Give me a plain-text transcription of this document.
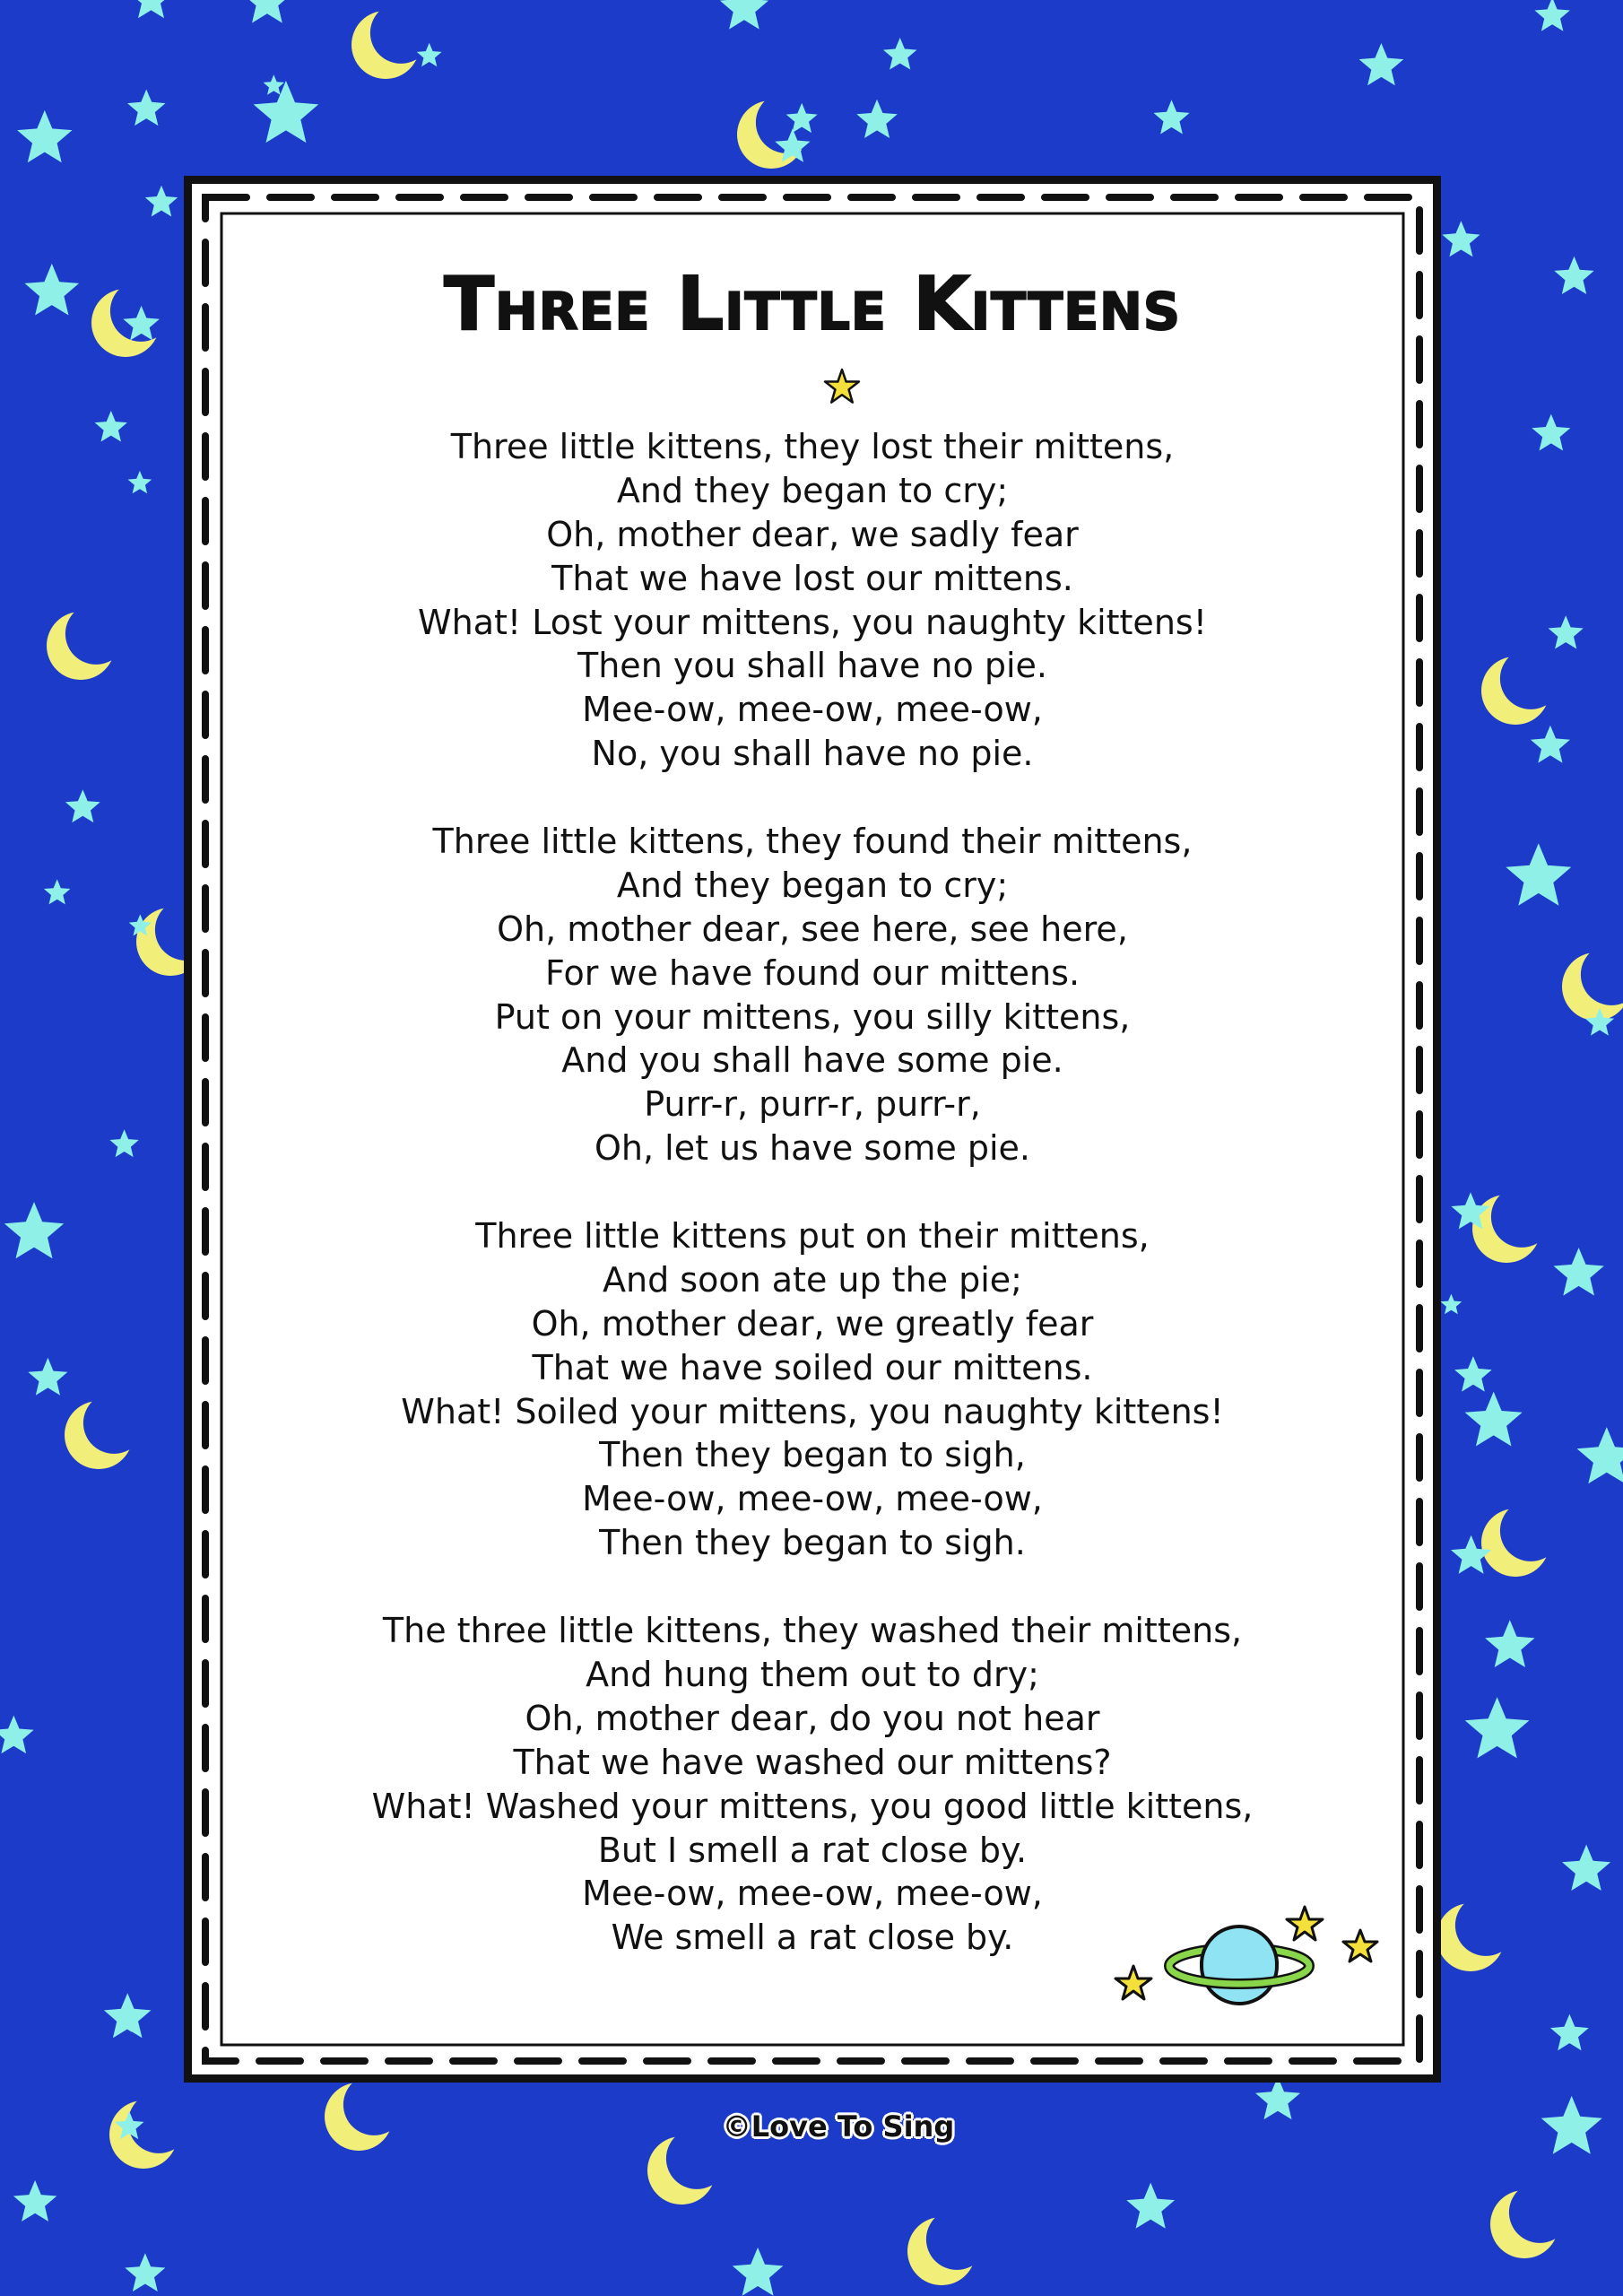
Three Little Kittens
Three little kittens, they lost their mittens,
And they began to cry;
Oh, mother dear, we sadly fear
That we have lost our mittens.
What! Lost your mittens, you naughty kittens!
Then you shall have no pie.
Mee-ow, mee-ow, mee-ow,
No, you shall have no pie.
Three little kittens, they found their mittens,
And they began to cry;
Oh, mother dear, see here, see here,
For we have found our mittens.
Put on your mittens, you silly kittens,
And you shall have some pie.
Purr-r, purr-r, purr-r,
Oh, let us have some pie.
Three little kittens put on their mittens,
And soon ate up the pie;
Oh, mother dear, we greatly fear
That we have soiled our mittens.
What! Soiled your mittens, you naughty kittens!
Then they began to sigh,
Mee-ow, mee-ow, mee-ow,
Then they began to sigh.
The three little kittens, they washed their mittens,
And hung them out to dry;
Oh, mother dear, do you not hear
That we have washed our mittens?
What! Washed your mittens, you good little kittens,
But I smell a rat close by.
Mee-ow, mee-ow, mee-ow,
We smell a rat close by.
©Love To Sing
